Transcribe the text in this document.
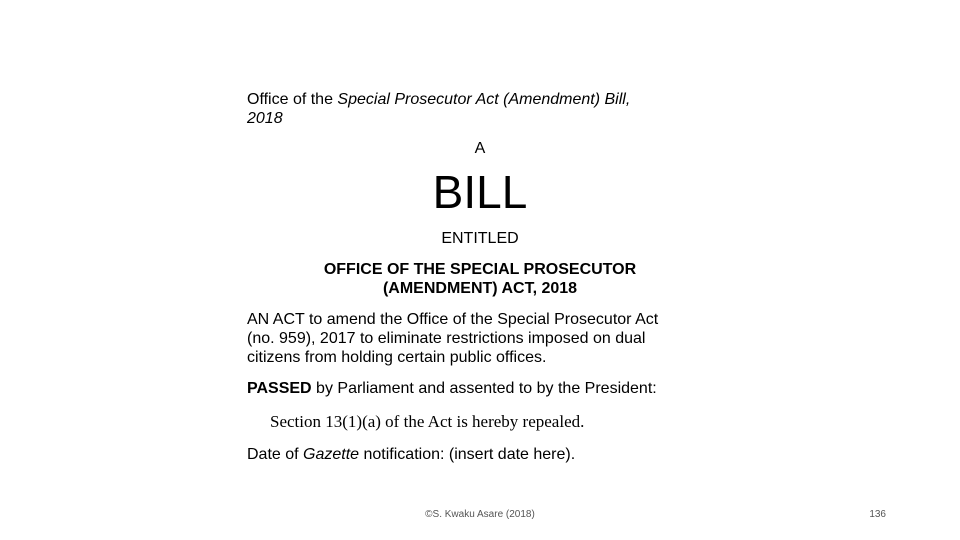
Office of the Special Prosecutor Act (Amendment) Bill,
2018
A
BILL
ENTITLED
OFFICE OF THE SPECIAL PROSECUTOR
(AMENDMENT) ACT, 2018
AN ACT to amend the Office of the Special Prosecutor Act
(no. 959), 2017 to eliminate restrictions imposed on dual
citizens from holding certain public offices.
PASSED by Parliament and assented to by the President:
Section 13(1)(a) of the Act is hereby repealed.
Date of Gazette notification: (insert date here).
©S. Kwaku Asare (2018)	136
